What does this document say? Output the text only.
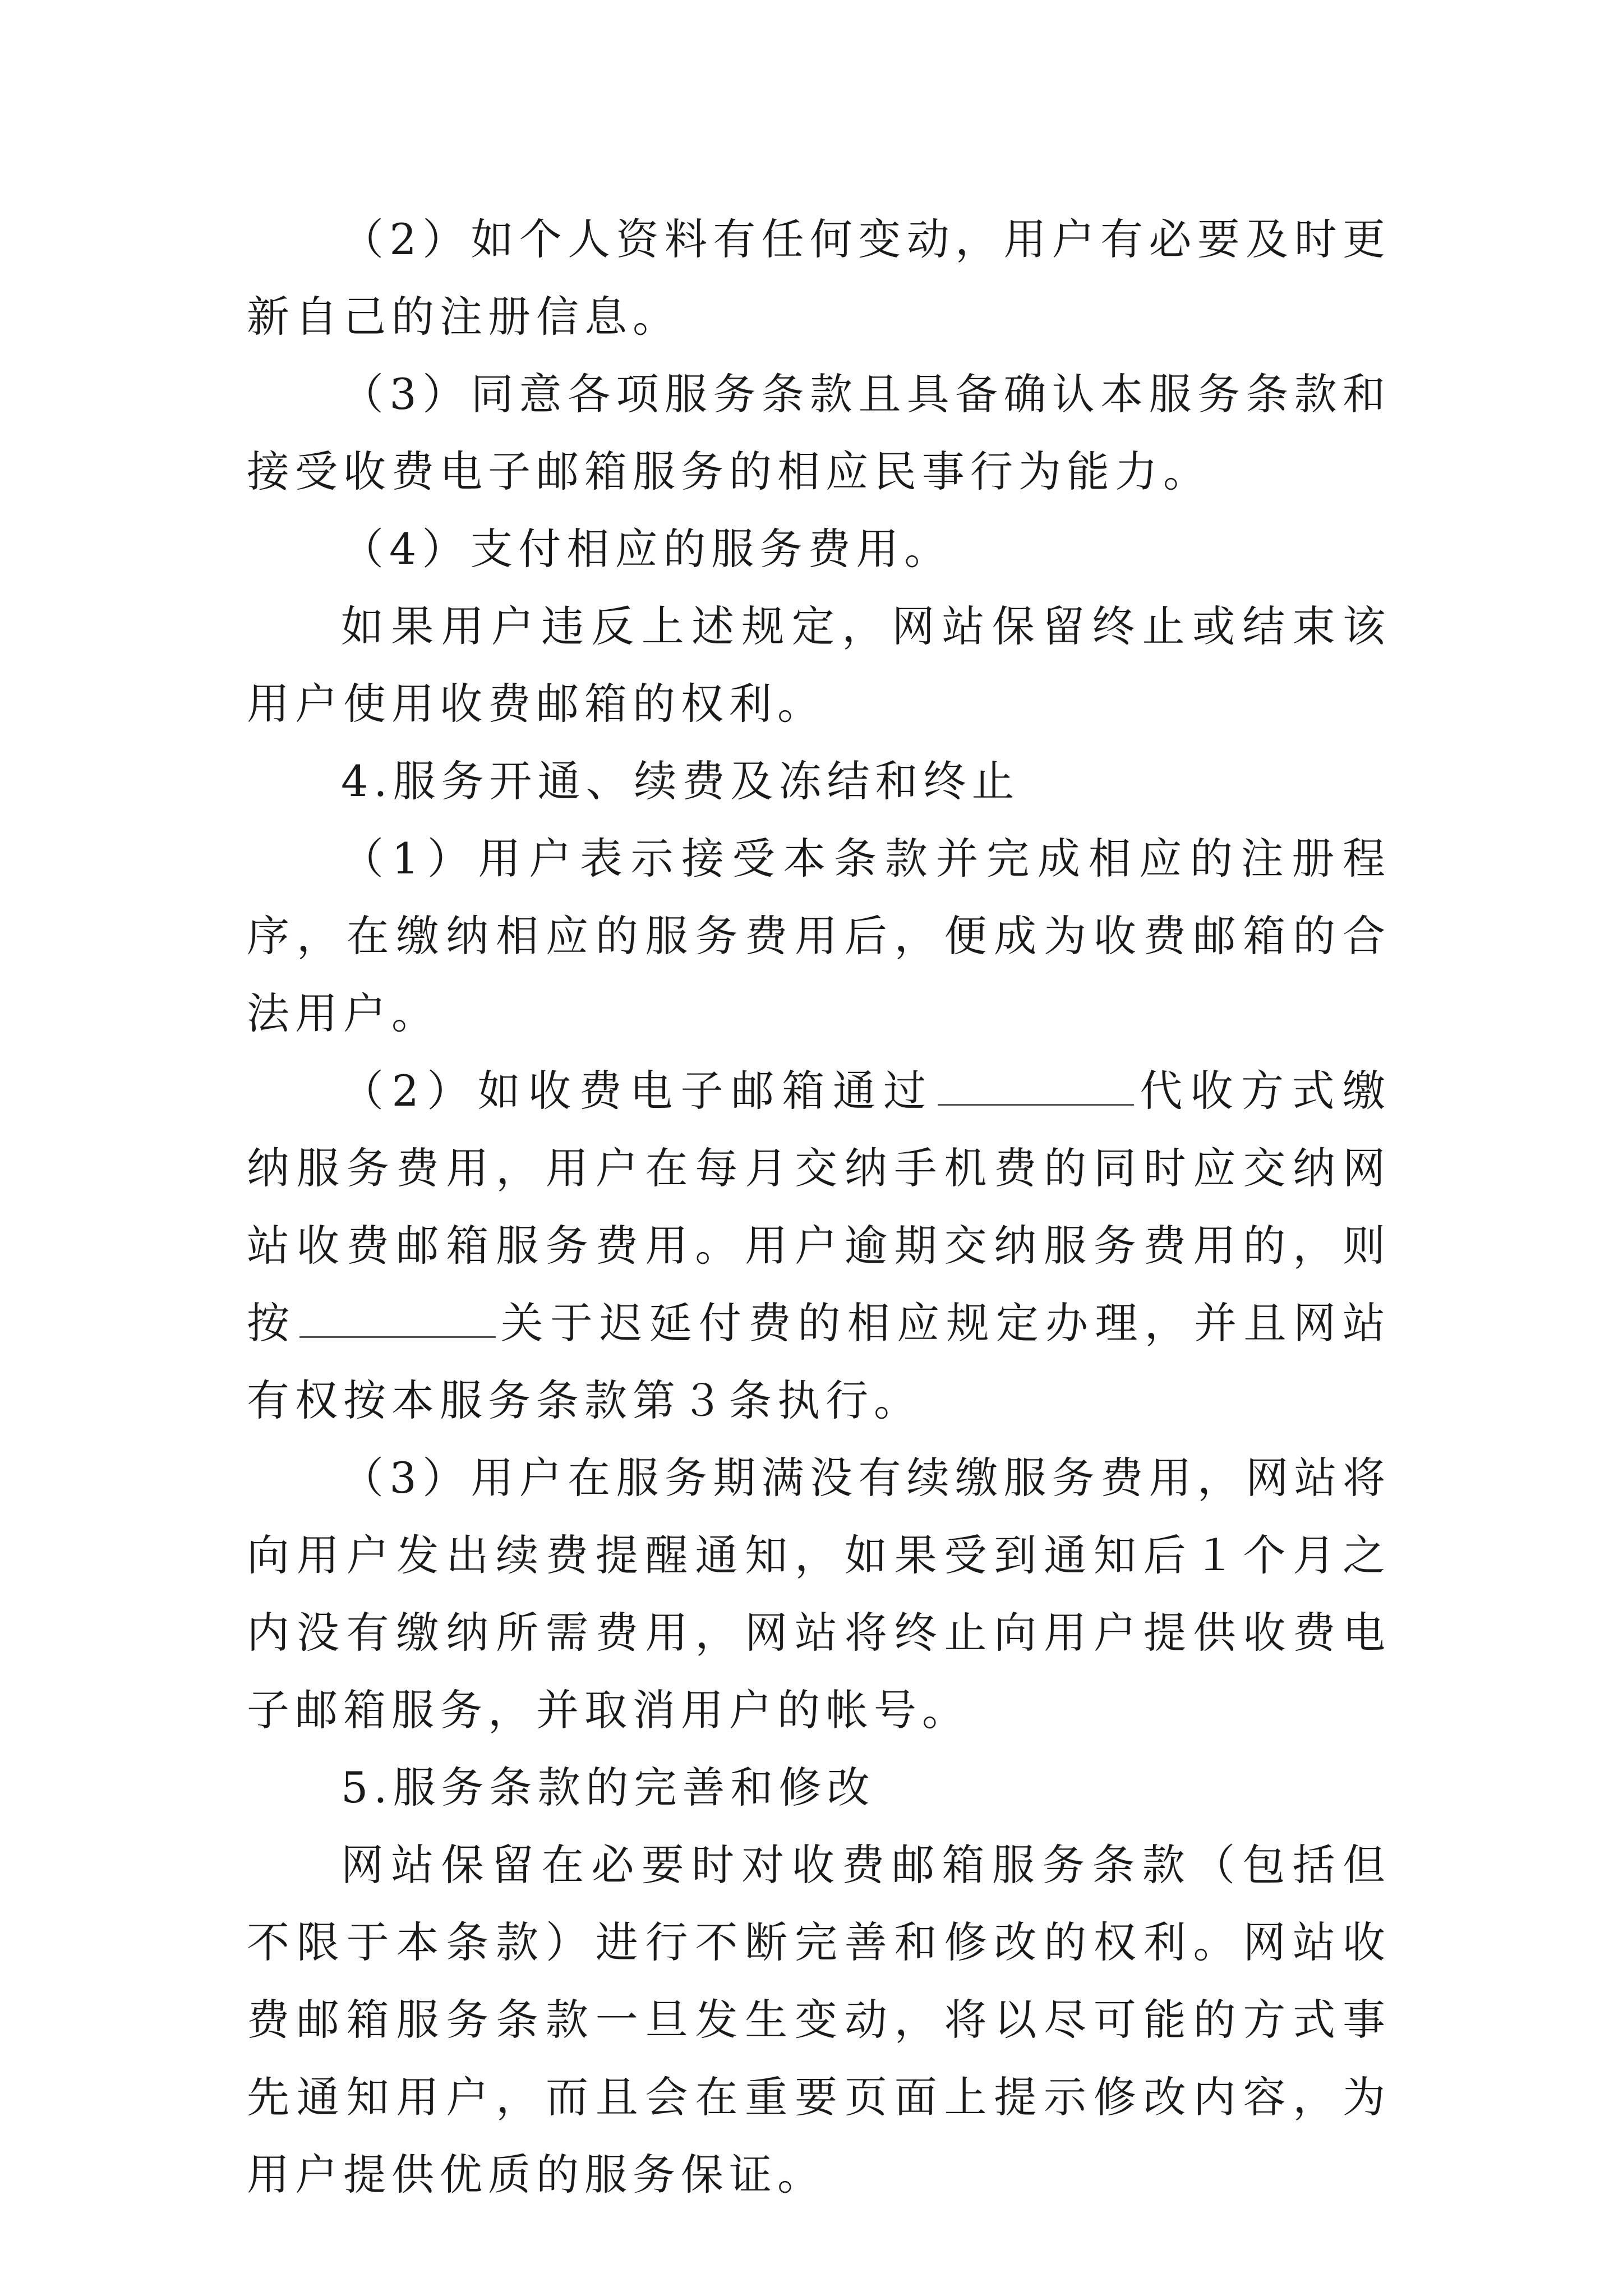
（2）如个人资料有任何变动，用户有必要及时更新自己的注册信息。

（3）同意各项服务条款且具备确认本服务条款和接受收费电子邮箱服务的相应民事行为能力。

（4）支付相应的服务费用。

如果用户违反上述规定，网站保留终止或结束该用户使用收费邮箱的权利。

4.服务开通、续费及冻结和终止

（1）用户表示接受本条款并完成相应的注册程序，在缴纳相应的服务费用后，便成为收费邮箱的合法用户。

（2）如收费电子邮箱通过	代收方式缴纳服务费用，用户在每月交纳手机费的同时应交纳网站收费邮箱服务费用。用户逾期交纳服务费用的，则按	关于迟延付费的相应规定办理，并且网站有权按本服务条款第３条执行。

（3）用户在服务期满没有续缴服务费用，网站将向用户发出续费提醒通知，如果受到通知后１个月之内没有缴纳所需费用，网站将终止向用户提供收费电子邮箱服务，并取消用户的帐号。

5.服务条款的完善和修改

网站保留在必要时对收费邮箱服务条款（包括但不限于本条款）进行不断完善和修改的权利。网站收费邮箱服务条款一旦发生变动，将以尽可能的方式事先通知用户，而且会在重要页面上提示修改内容，为用户提供优质的服务保证。
